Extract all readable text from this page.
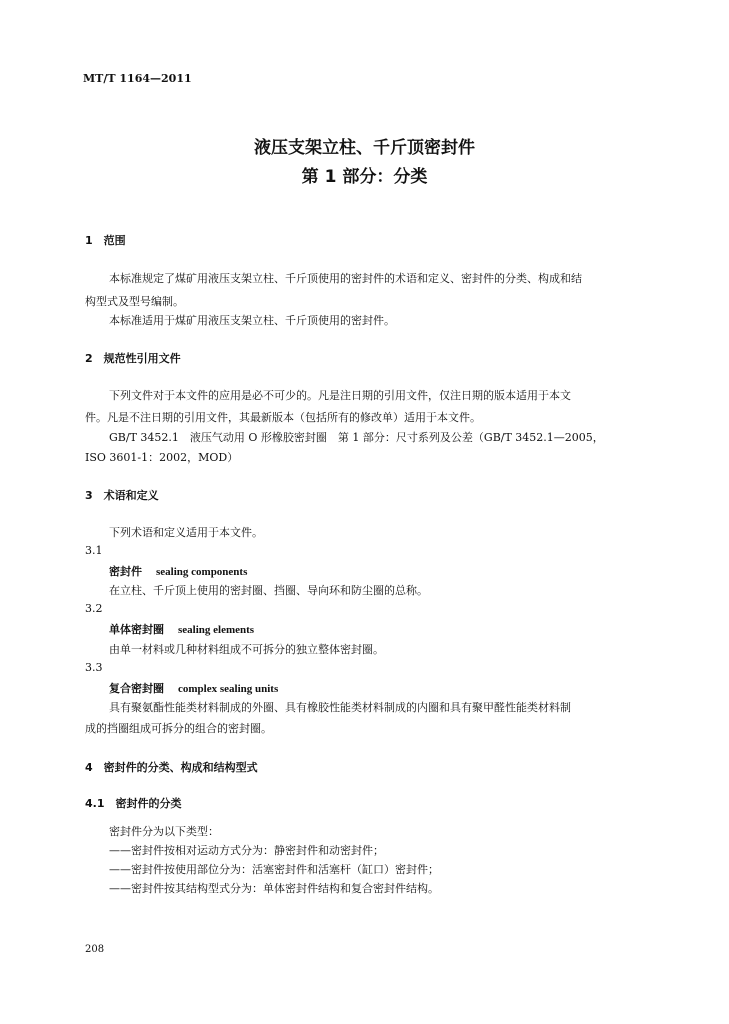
MT/T 1164—2011
液压支架立柱、千斤顶密封件
第 1 部分：分类
1　范围
本标准规定了煤矿用液压支架立柱、千斤顶使用的密封件的术语和定义、密封件的分类、构成和结
构型式及型号编制。
本标准适用于煤矿用液压支架立柱、千斤顶使用的密封件。
2　规范性引用文件
下列文件对于本文件的应用是必不可少的。凡是注日期的引用文件，仅注日期的版本适用于本文
件。凡是不注日期的引用文件，其最新版本（包括所有的修改单）适用于本文件。
GB/T 3452.1　液压气动用 O 形橡胶密封圈　第 1 部分：尺寸系列及公差（GB/T 3452.1—2005，
ISO 3601-1：2002，MOD）
3　术语和定义
下列术语和定义适用于本文件。
3.1
密封件 sealing components
在立柱、千斤顶上使用的密封圈、挡圈、导向环和防尘圈的总称。
3.2
单体密封圈 sealing elements
由单一材料或几种材料组成不可拆分的独立整体密封圈。
3.3
复合密封圈 complex sealing units
具有聚氨酯性能类材料制成的外圈、具有橡胶性能类材料制成的内圈和具有聚甲醛性能类材料制
成的挡圈组成可拆分的组合的密封圈。
4　密封件的分类、构成和结构型式
4.1　密封件的分类
密封件分为以下类型：
——密封件按相对运动方式分为：静密封件和动密封件；
——密封件按使用部位分为：活塞密封件和活塞杆（缸口）密封件；
——密封件按其结构型式分为：单体密封件结构和复合密封件结构。
208
